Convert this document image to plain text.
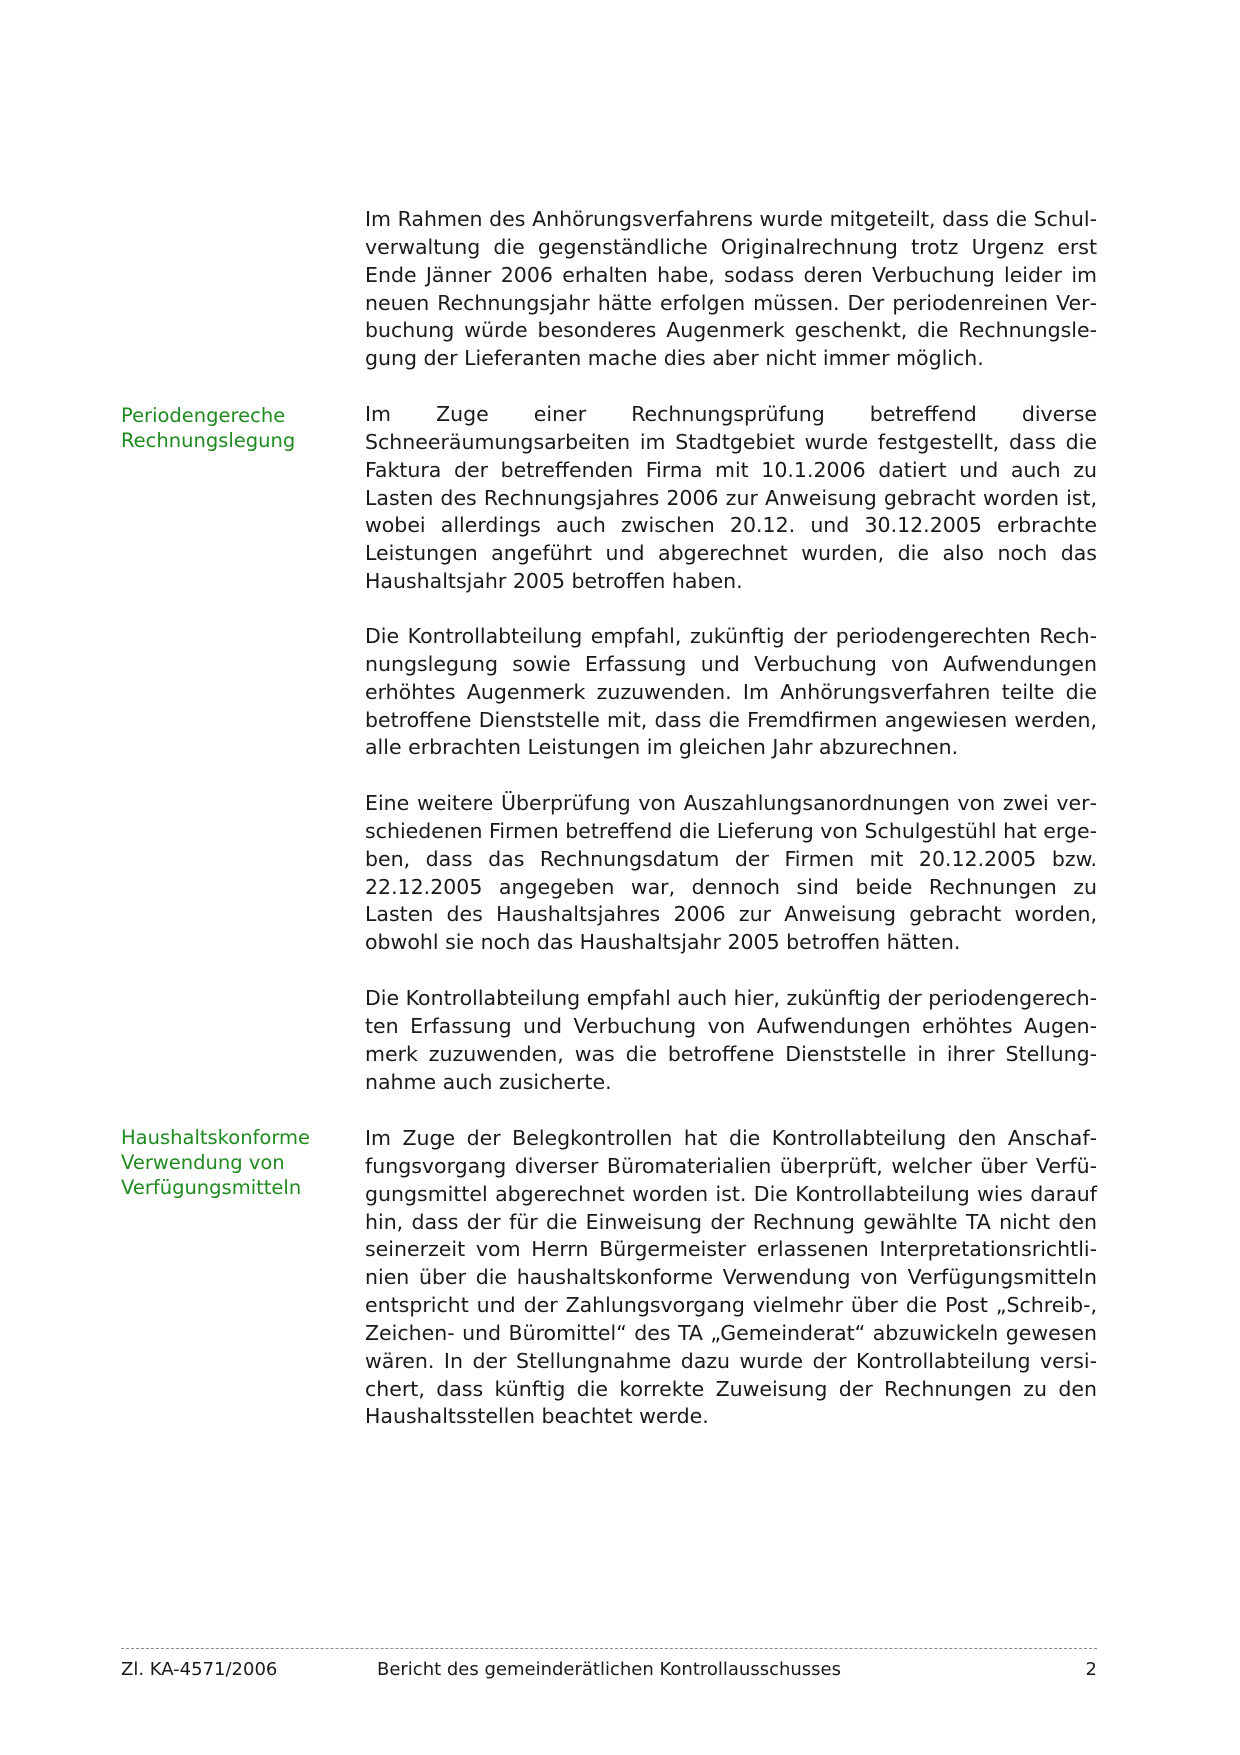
Periodengereche
Rechnungslegung
Haushaltskonforme
Verwendung von
Verfügungsmitteln

Im Rahmen des Anhörungsverfahrens wurde mitgeteilt, dass die Schulverwaltung die gegenständliche Originalrechnung trotz Urgenz erst Ende Jänner 2006 erhalten habe, sodass deren Verbuchung leider im neuen Rechnungsjahr hätte erfolgen müssen. Der periodenreinen Verbuchung würde besonderes Augenmerk geschenkt, die Rechnungslegung der Lieferanten mache dies aber nicht immer möglich.

Im Zuge einer Rechnungsprüfung betreffend diverse Schneeräumungsarbeiten im Stadtgebiet wurde festgestellt, dass die Faktura der betreffenden Firma mit 10.1.2006 datiert und auch zu Lasten des Rechnungsjahres 2006 zur Anweisung gebracht worden ist, wobei allerdings auch zwischen 20.12. und 30.12.2005 erbrachte Leistungen angeführt und abgerechnet wurden, die also noch das Haushaltsjahr 2005 betroffen haben.

Die Kontrollabteilung empfahl, zukünftig der periodengerechten Rechnungslegung sowie Erfassung und Verbuchung von Aufwendungen erhöhtes Augenmerk zuzuwenden. Im Anhörungsverfahren teilte die betroffene Dienststelle mit, dass die Fremdfirmen angewiesen werden, alle erbrachten Leistungen im gleichen Jahr abzurechnen.

Eine weitere Überprüfung von Auszahlungsanordnungen von zwei verschiedenen Firmen betreffend die Lieferung von Schulgestühl hat ergeben, dass das Rechnungsdatum der Firmen mit 20.12.2005 bzw. 22.12.2005 angegeben war, dennoch sind beide Rechnungen zu Lasten des Haushaltsjahres 2006 zur Anweisung gebracht worden, obwohl sie noch das Haushaltsjahr 2005 betroffen hätten.

Die Kontrollabteilung empfahl auch hier, zukünftig der periodengerechten Erfassung und Verbuchung von Aufwendungen erhöhtes Augenmerk zuzuwenden, was die betroffene Dienststelle in ihrer Stellungnahme auch zusicherte.

Im Zuge der Belegkontrollen hat die Kontrollabteilung den Anschaffungsvorgang diverser Büromaterialien überprüft, welcher über Verfügungsmittel abgerechnet worden ist. Die Kontrollabteilung wies darauf hin, dass der für die Einweisung der Rechnung gewählte TA nicht den seinerzeit vom Herrn Bürgermeister erlassenen Interpretationsrichtlinien über die haushaltskonforme Verwendung von Verfügungsmitteln entspricht und der Zahlungsvorgang vielmehr über die Post „Schreib-, Zeichen- und Büromittel“ des TA „Gemeinderat“ abzuwickeln gewesen wären. In der Stellungnahme dazu wurde der Kontrollabteilung versichert, dass künftig die korrekte Zuweisung der Rechnungen zu den Haushaltsstellen beachtet werde.

Zl. KA-4571/2006	Bericht des gemeinderätlichen Kontrollausschusses	2
